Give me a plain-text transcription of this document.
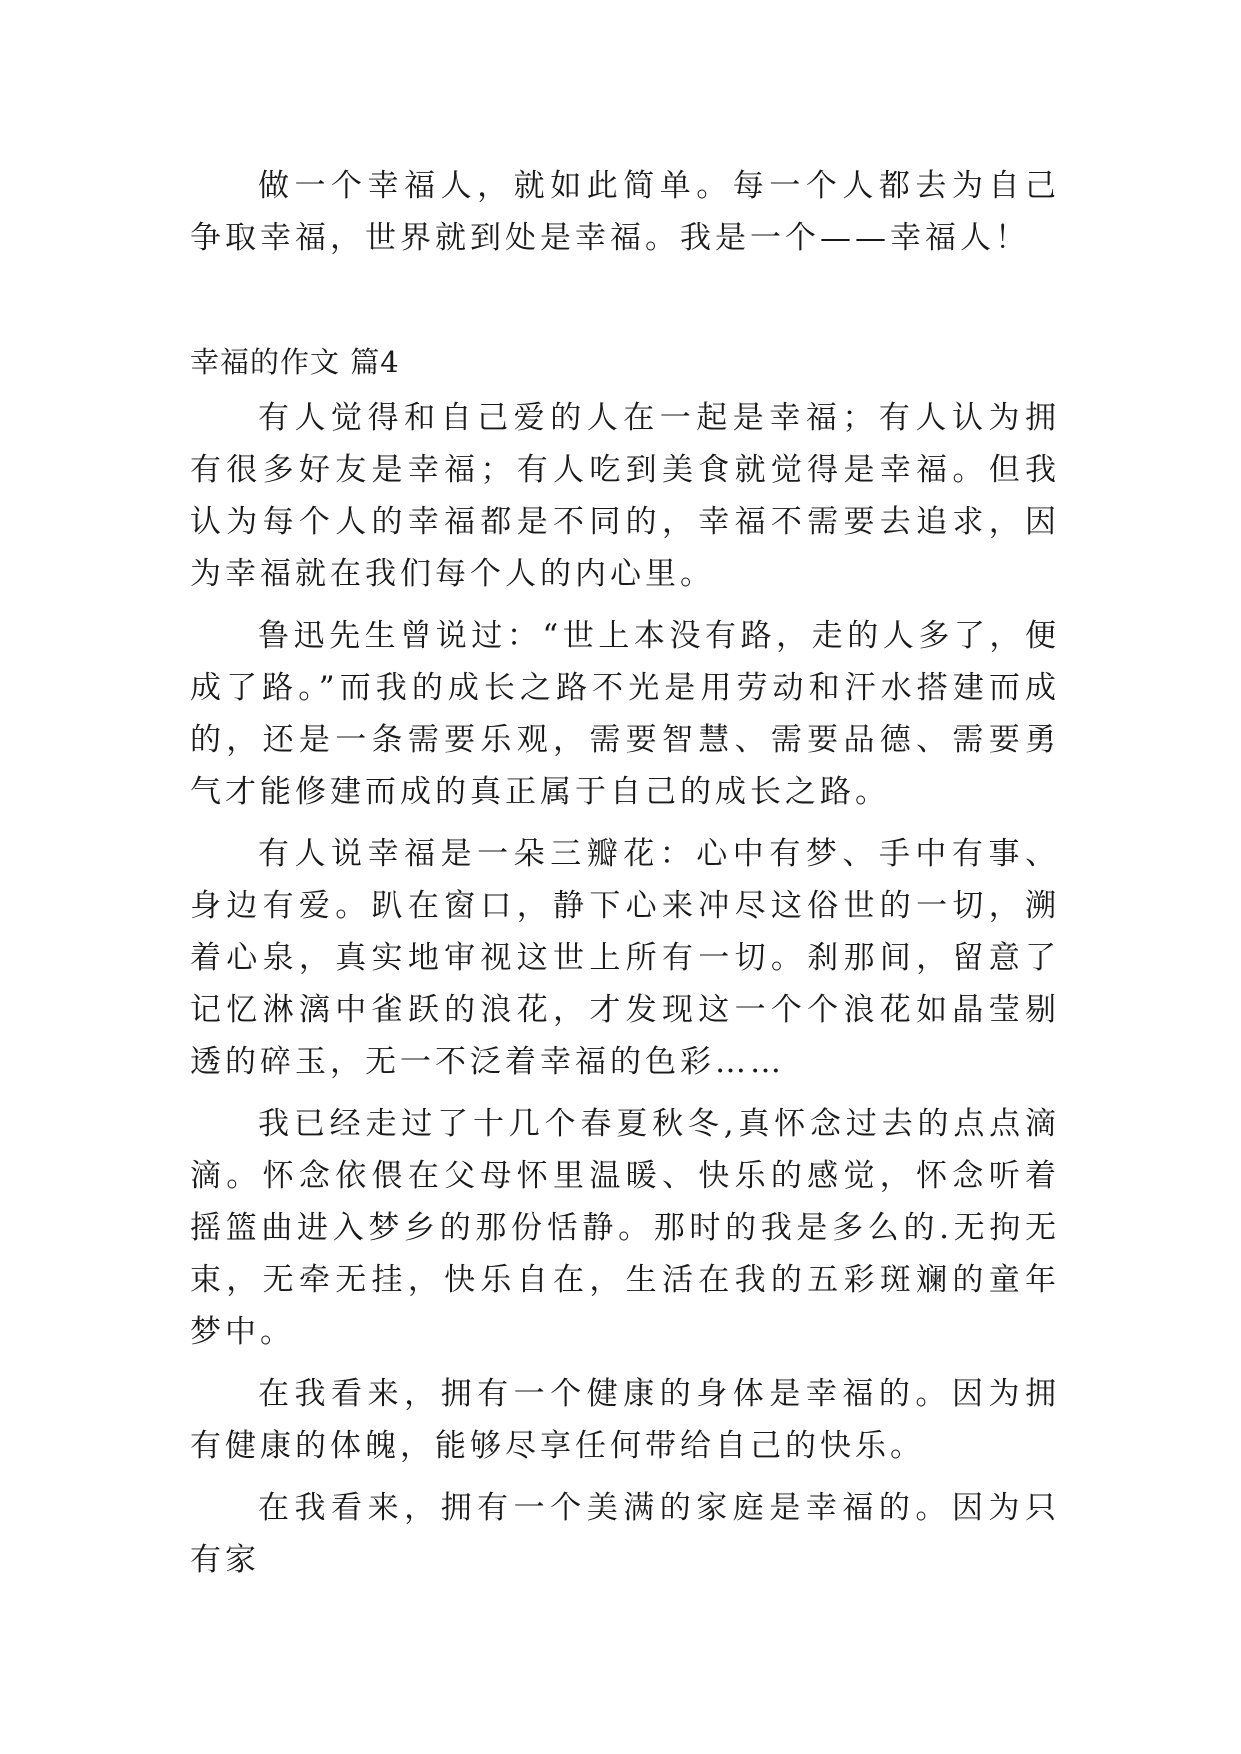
做一个幸福人，就如此简单。每一个人都去为自己争取幸福，世界就到处是幸福。我是一个——幸福人！

幸福的作文 篇4

有人觉得和自己爱的人在一起是幸福；有人认为拥有很多好友是幸福；有人吃到美食就觉得是幸福。但我认为每个人的幸福都是不同的，幸福不需要去追求，因为幸福就在我们每个人的内心里。

鲁迅先生曾说过：“世上本没有路，走的人多了，便成了路。”而我的成长之路不光是用劳动和汗水搭建而成的，还是一条需要乐观，需要智慧、需要品德、需要勇气才能修建而成的真正属于自己的成长之路。

有人说幸福是一朵三瓣花：心中有梦、手中有事、身边有爱。趴在窗口，静下心来冲尽这俗世的一切，溯着心泉，真实地审视这世上所有一切。刹那间，留意了记忆淋漓中雀跃的浪花，才发现这一个个浪花如晶莹剔透的碎玉，无一不泛着幸福的色彩……

我已经走过了十几个春夏秋冬,真怀念过去的点点滴滴。怀念依偎在父母怀里温暖、快乐的感觉，怀念听着摇篮曲进入梦乡的那份恬静。那时的我是多么的.无拘无束，无牵无挂，快乐自在，生活在我的五彩斑斓的童年梦中。

在我看来，拥有一个健康的身体是幸福的。因为拥有健康的体魄，能够尽享任何带给自己的快乐。

在我看来，拥有一个美满的家庭是幸福的。因为只有家
